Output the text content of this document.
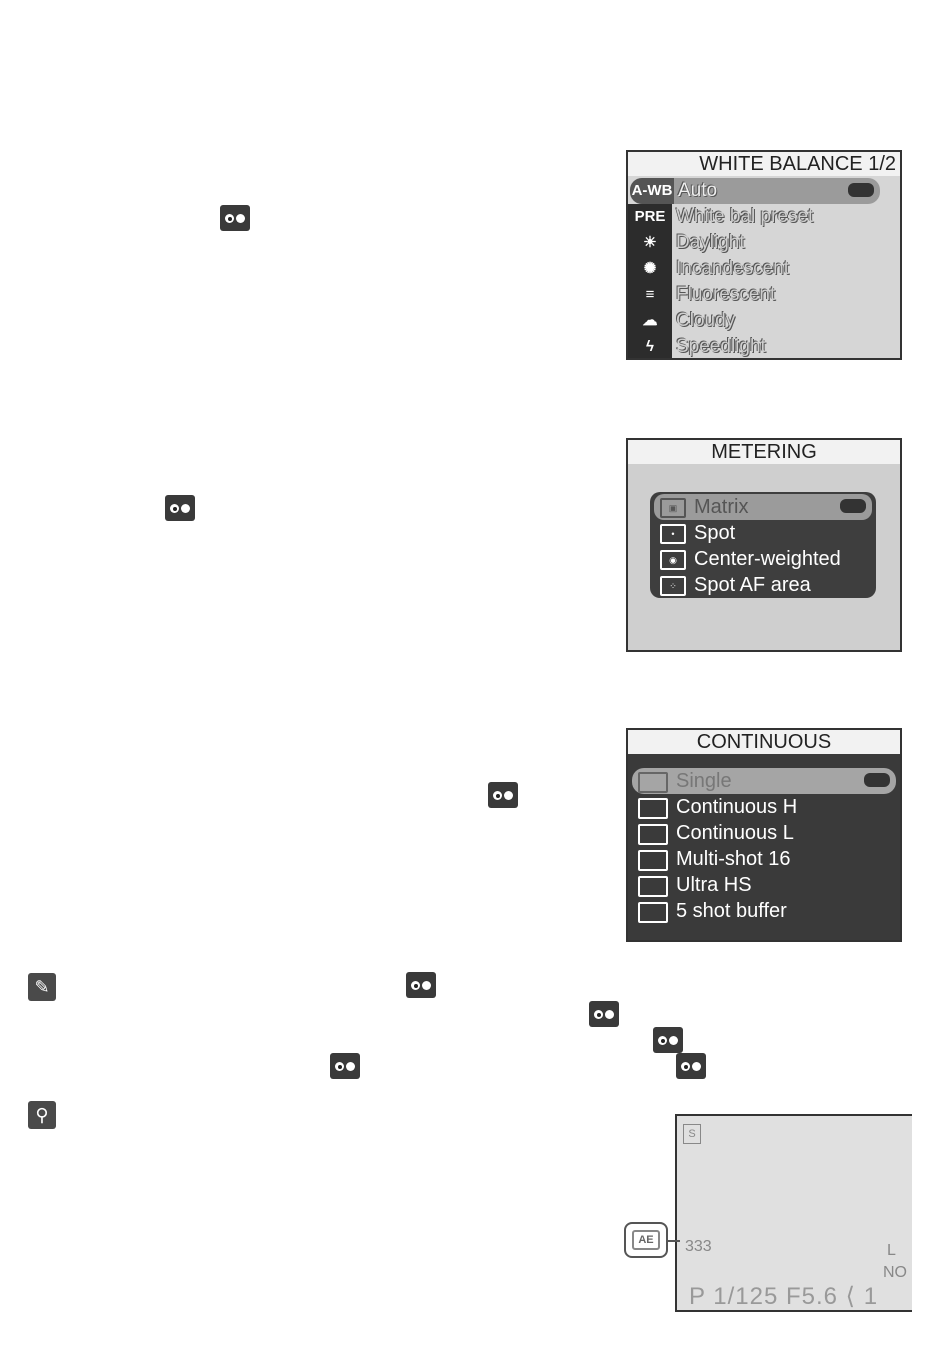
✎
⚲
WHITE BALANCE 1/2
A-WB Auto
PRE White bal preset
☀	Daylight
✺	Incandescent
≡	Fluorescent
☁ Cloudy
ϟ	Speedlight
METERING
▣ Matrix
• Spot
◉ Center-weighted
⁘ Spot AF area
CONTINUOUS
Single
Continuous H
Continuous L
Multi-shot 16
Ultra HS
5 shot buffer
S
333
P 1/125 F5.6 ⟨ 1
L
NO
AE
